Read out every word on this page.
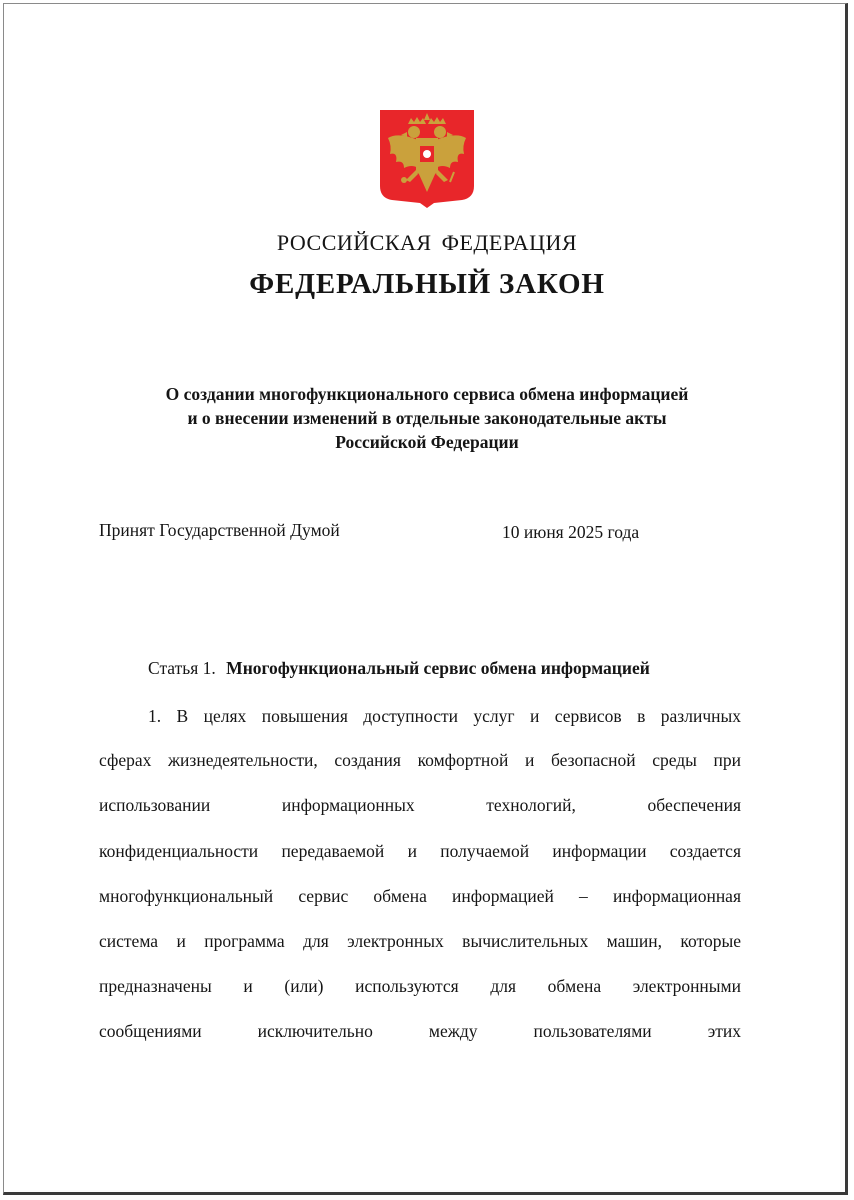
РОССИЙСКАЯ ФЕДЕРАЦИЯ
ФЕДЕРАЛЬНЫЙ ЗАКОН
О создании многофункционального сервиса обмена информацией
и о внесении изменений в отдельные законодательные акты
Российской Федерации
Принят Государственной Думой	10 июня 2025 года
Статья 1. Многофункциональный сервис обмена информацией
1. В целях повышения доступности услуг и сервисов в различных
сферах жизнедеятельности, создания комфортной и безопасной среды при
использовании информационных технологий, обеспечения
конфиденциальности передаваемой и получаемой информации создается
многофункциональный сервис обмена информацией – информационная
система и программа для электронных вычислительных машин, которые
предназначены и (или) используются для обмена электронными
сообщениями исключительно между пользователями этих
